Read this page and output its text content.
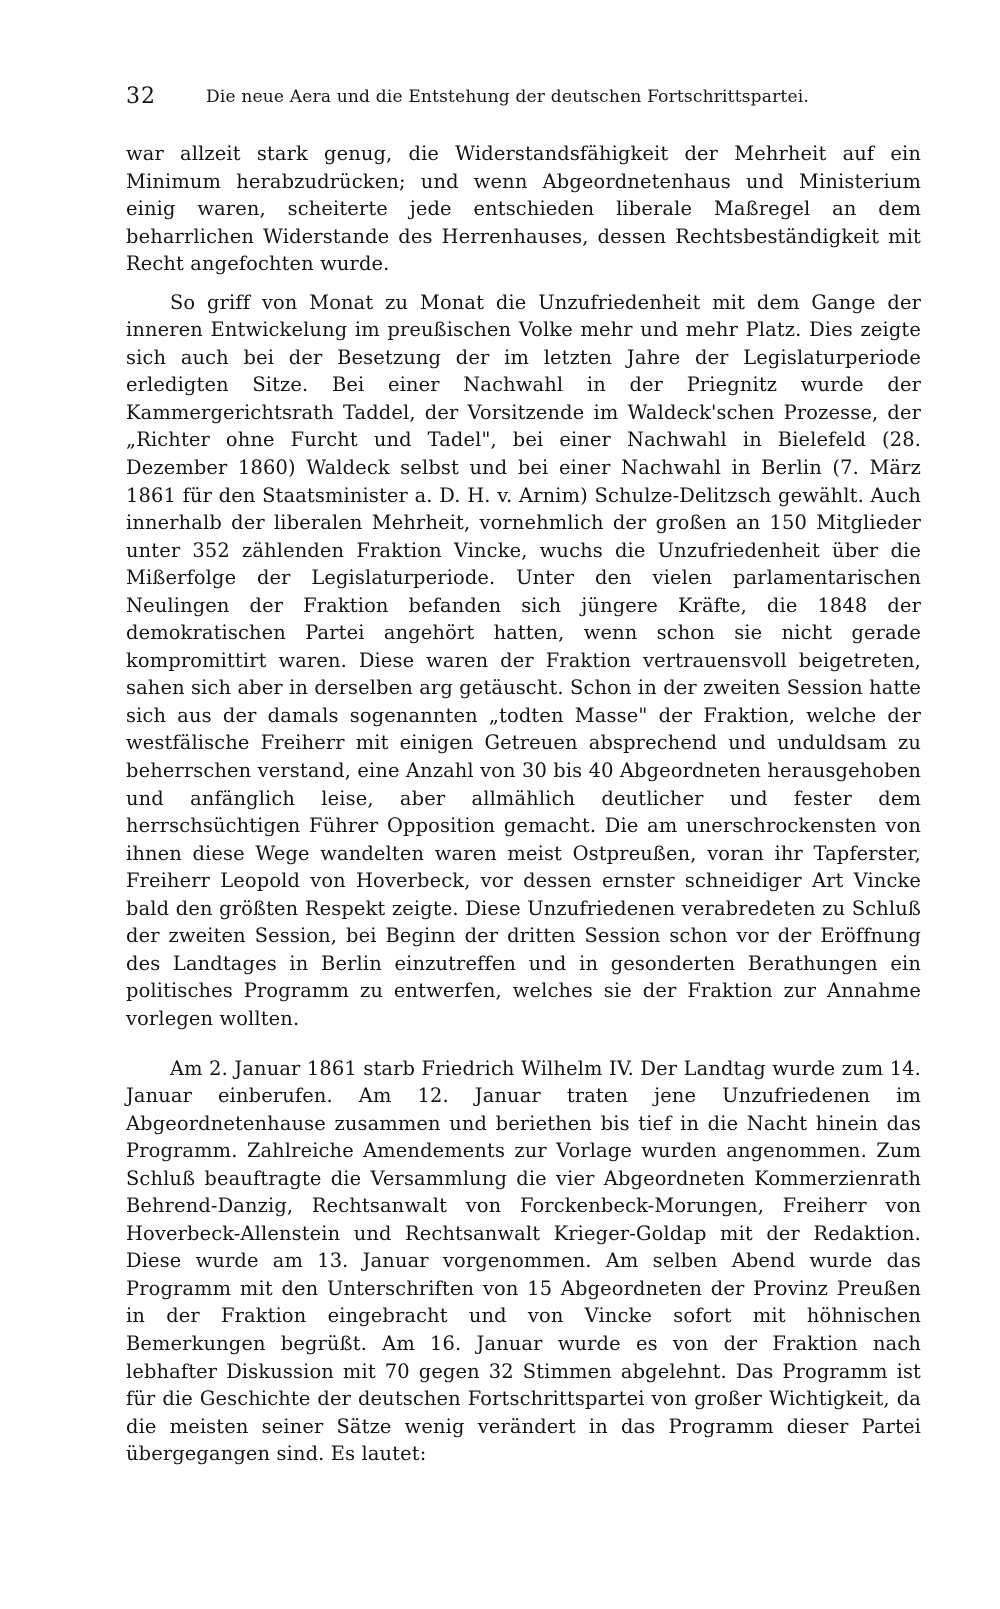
32	Die neue Aera und die Entstehung der deutschen Fortschrittspartei.

war allzeit stark genug, die Widerstandsfähigkeit der Mehrheit auf ein Minimum herabzudrücken; und wenn Abgeordnetenhaus und Ministerium einig waren, scheiterte jede entschieden liberale Maßregel an dem beharrlichen Widerstande des Herrenhauses, dessen Rechtsbeständigkeit mit Recht angefochten wurde.

So griff von Monat zu Monat die Unzufriedenheit mit dem Gange der inneren Entwickelung im preußischen Volke mehr und mehr Platz. Dies zeigte sich auch bei der Besetzung der im letzten Jahre der Legislaturperiode erledigten Sitze. Bei einer Nachwahl in der Priegnitz wurde der Kammergerichtsrath Taddel, der Vorsitzende im Waldeck'schen Prozesse, der „Richter ohne Furcht und Tadel", bei einer Nachwahl in Bielefeld (28. Dezember 1860) Waldeck selbst und bei einer Nachwahl in Berlin (7. März 1861 für den Staatsminister a. D. H. v. Arnim) Schulze-Delitzsch gewählt. Auch innerhalb der liberalen Mehrheit, vornehmlich der großen an 150 Mitglieder unter 352 zählenden Fraktion Vincke, wuchs die Unzufriedenheit über die Mißerfolge der Legislaturperiode. Unter den vielen parlamentarischen Neulingen der Fraktion befanden sich jüngere Kräfte, die 1848 der demokratischen Partei angehört hatten, wenn schon sie nicht gerade kompromittirt waren. Diese waren der Fraktion vertrauensvoll beigetreten, sahen sich aber in derselben arg getäuscht. Schon in der zweiten Session hatte sich aus der damals sogenannten „todten Masse" der Fraktion, welche der westfälische Freiherr mit einigen Getreuen absprechend und unduldsam zu beherrschen verstand, eine Anzahl von 30 bis 40 Abgeordneten herausgehoben und anfänglich leise, aber allmählich deutlicher und fester dem herrschsüchtigen Führer Opposition gemacht. Die am unerschrockensten von ihnen diese Wege wandelten waren meist Ostpreußen, voran ihr Tapferster, Freiherr Leopold von Hoverbeck, vor dessen ernster schneidiger Art Vincke bald den größten Respekt zeigte. Diese Unzufriedenen verabredeten zu Schluß der zweiten Session, bei Beginn der dritten Session schon vor der Eröffnung des Landtages in Berlin einzutreffen und in gesonderten Berathungen ein politisches Programm zu entwerfen, welches sie der Fraktion zur Annahme vorlegen wollten.

Am 2. Januar 1861 starb Friedrich Wilhelm IV. Der Landtag wurde zum 14. Januar einberufen. Am 12. Januar traten jene Unzufriedenen im Abgeordnetenhause zusammen und beriethen bis tief in die Nacht hinein das Programm. Zahlreiche Amendements zur Vorlage wurden angenommen. Zum Schluß beauftragte die Versammlung die vier Abgeordneten Kommerzienrath Behrend-Danzig, Rechtsanwalt von Forckenbeck-Morungen, Freiherr von Hoverbeck-Allenstein und Rechtsanwalt Krieger-Goldap mit der Redaktion. Diese wurde am 13. Januar vorgenommen. Am selben Abend wurde das Programm mit den Unterschriften von 15 Abgeordneten der Provinz Preußen in der Fraktion eingebracht und von Vincke sofort mit höhnischen Bemerkungen begrüßt. Am 16. Januar wurde es von der Fraktion nach lebhafter Diskussion mit 70 gegen 32 Stimmen abgelehnt. Das Programm ist für die Geschichte der deutschen Fortschrittspartei von großer Wichtigkeit, da die meisten seiner Sätze wenig verändert in das Programm dieser Partei übergegangen sind. Es lautet:
